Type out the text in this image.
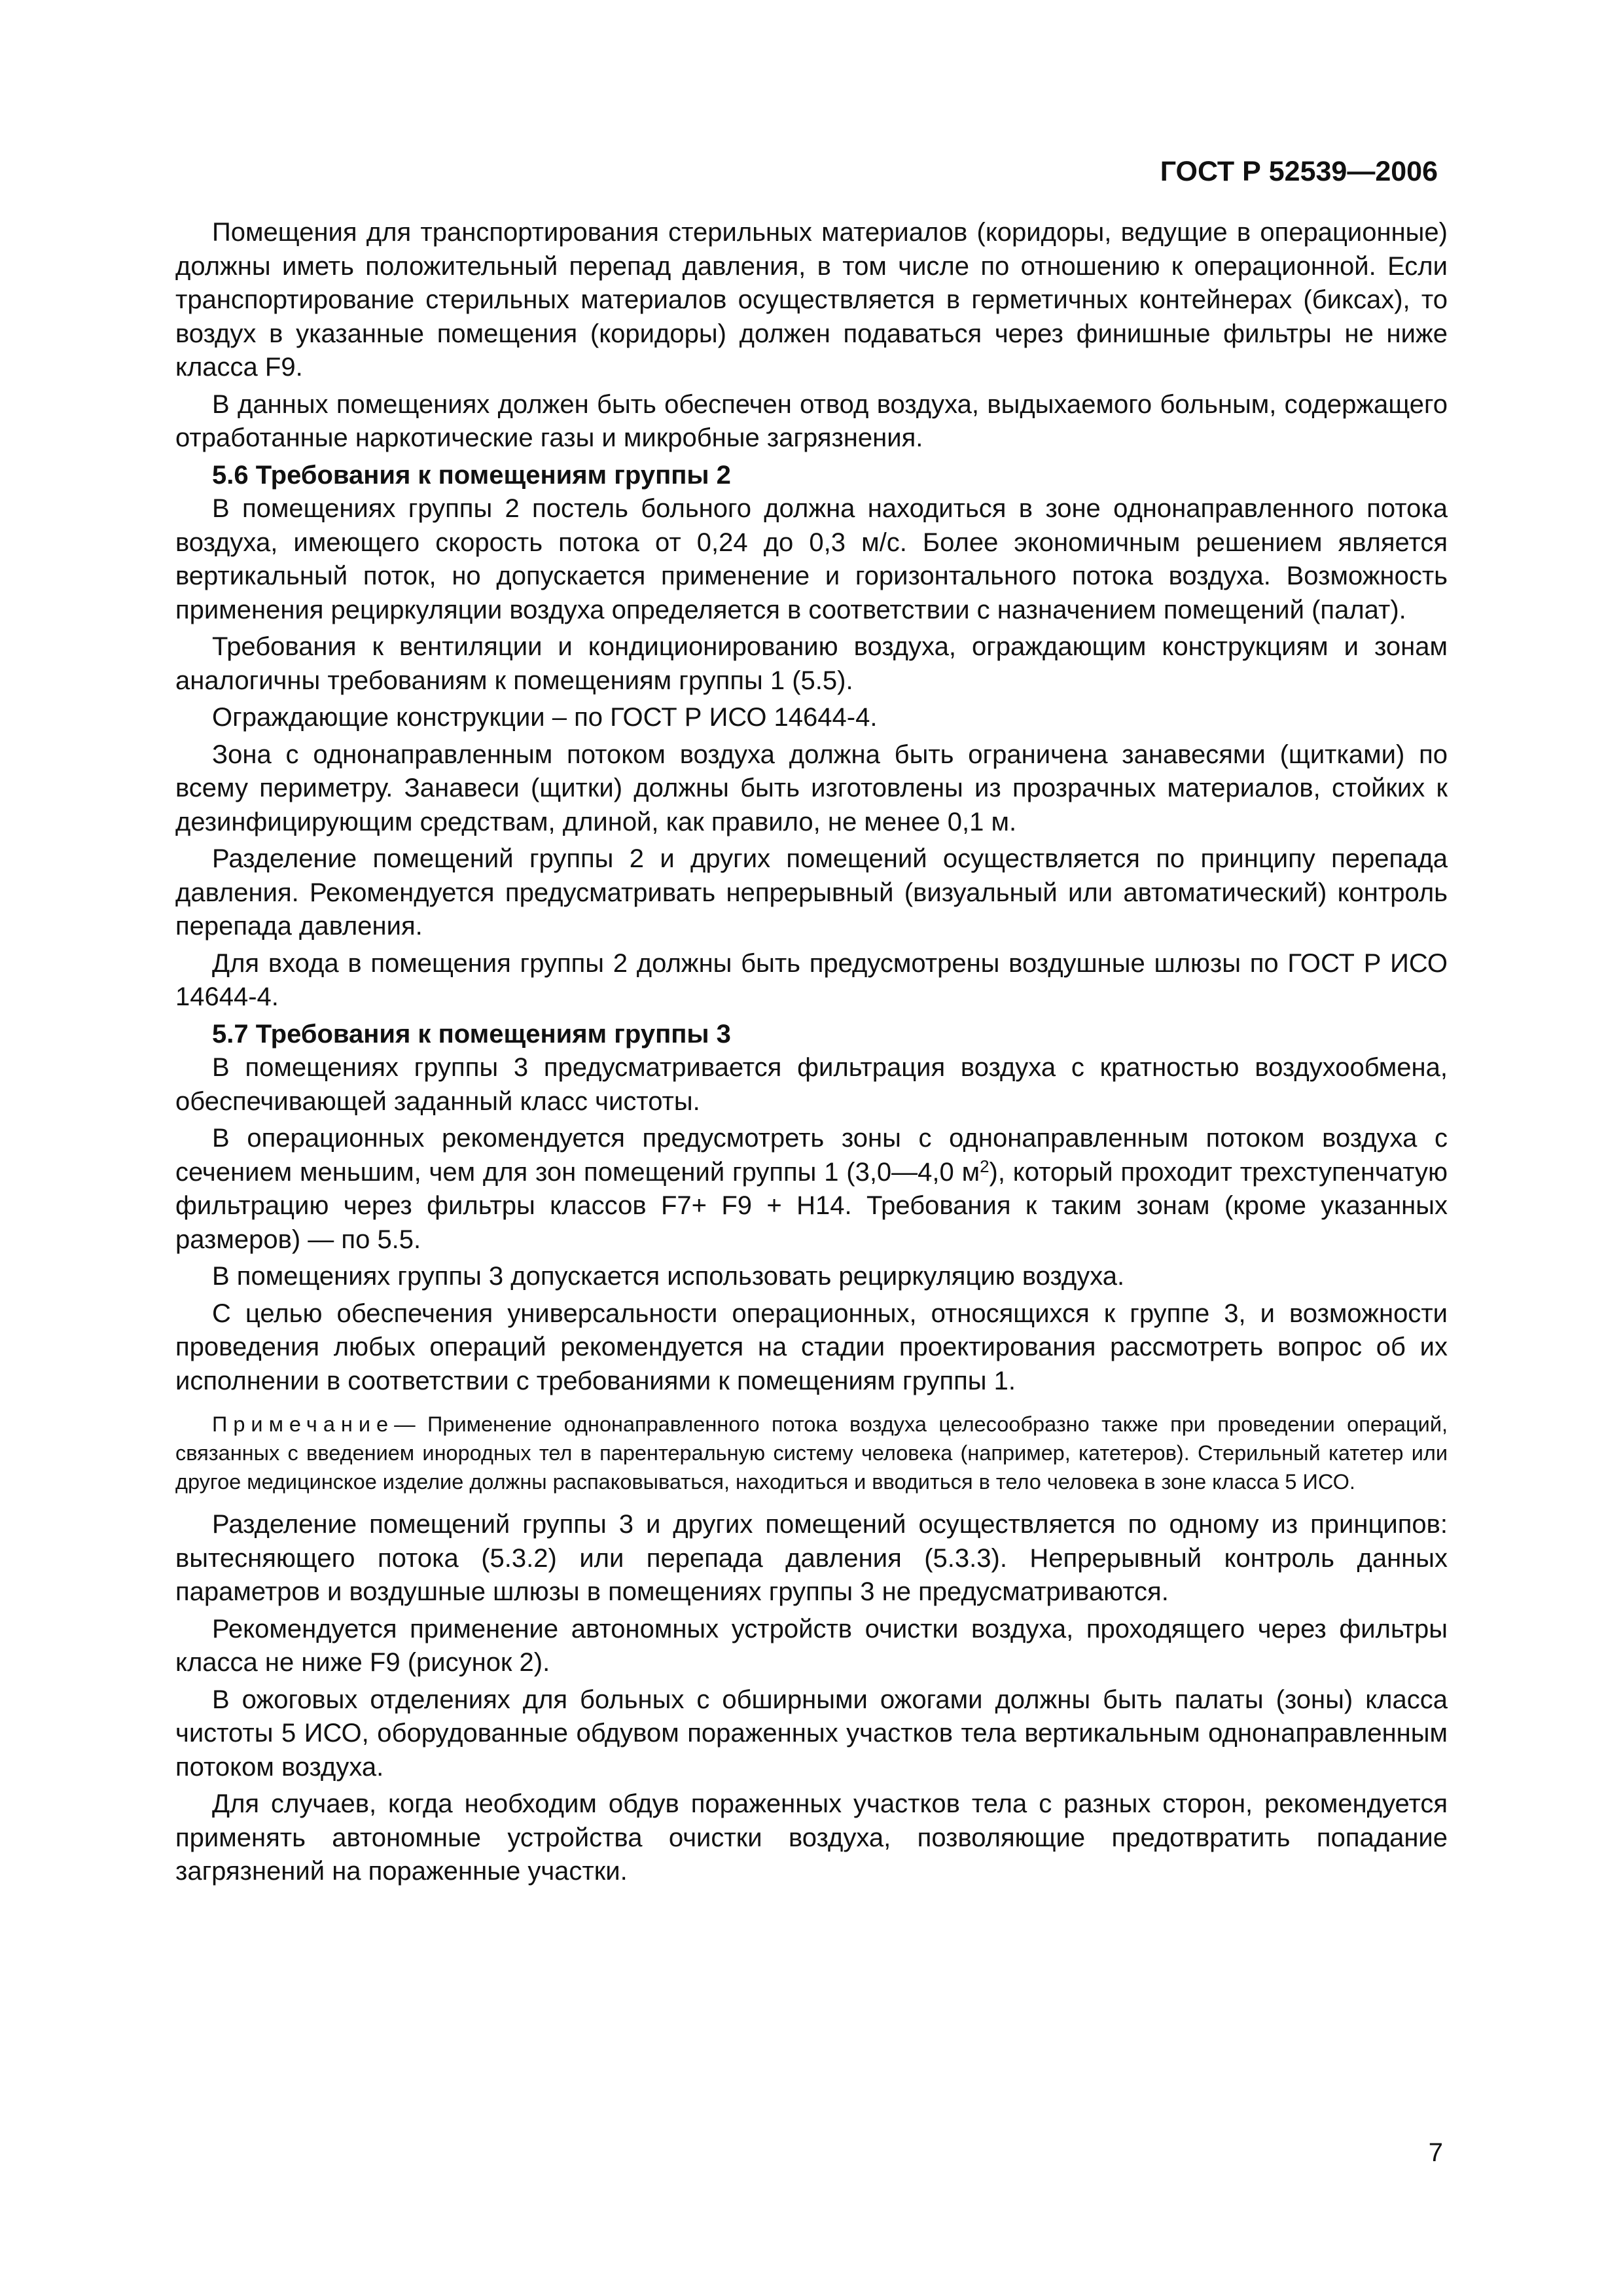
ГОСТ Р 52539—2006

Помещения для транспортирования стерильных материалов (коридоры, ведущие в операционные) должны иметь положительный перепад давления, в том числе по отношению к операционной. Если транспортирование стерильных материалов осуществляется в герметичных контейнерах (биксах), то воздух в указанные помещения (коридоры) должен подаваться через финишные фильтры не ниже класса F9.

В данных помещениях должен быть обеспечен отвод воздуха, выдыхаемого больным, содержащего отработанные наркотические газы и микробные загрязнения.

5.6 Требования к помещениям группы 2

В помещениях группы 2 постель больного должна находиться в зоне однонаправленного потока воздуха, имеющего скорость потока от 0,24 до 0,3 м/с. Более экономичным решением является вертикальный поток, но допускается применение и горизонтального потока воздуха. Возможность применения рециркуляции воздуха определяется в соответствии с назначением помещений (палат).

Требования к вентиляции и кондиционированию воздуха, ограждающим конструкциям и зонам аналогичны требованиям к помещениям группы 1 (5.5).

Ограждающие конструкции – по ГОСТ Р ИСО 14644-4.

Зона с однонаправленным потоком воздуха должна быть ограничена занавесями (щитками) по всему периметру. Занавеси (щитки) должны быть изготовлены из прозрачных материалов, стойких к дезинфицирующим средствам, длиной, как правило, не менее 0,1 м.

Разделение помещений группы 2 и других помещений осуществляется по принципу перепада давления. Рекомендуется предусматривать непрерывный (визуальный или автоматический) контроль перепада давления.

Для входа в помещения группы 2 должны быть предусмотрены воздушные шлюзы по ГОСТ Р ИСО 14644-4.

5.7 Требования к помещениям группы 3

В помещениях группы 3 предусматривается фильтрация воздуха с кратностью воздухообмена, обеспечивающей заданный класс чистоты.

В операционных рекомендуется предусмотреть зоны с однонаправленным потоком воздуха с сечением меньшим, чем для зон помещений группы 1 (3,0—4,0 $м^2$), который проходит трехступенчатую фильтрацию через фильтры классов F7+ F9 + H14. Требования к таким зонам (кроме указанных размеров) — по 5.5.

В помещениях группы 3 допускается использовать рециркуляцию воздуха.

С целью обеспечения универсальности операционных, относящихся к группе 3, и возможности проведения любых операций рекомендуется на стадии проектирования рассмотреть вопрос об их исполнении в соответствии с требованиями к помещениям группы 1.

Примечание— Применение однонаправленного потока воздуха целесообразно также при проведении операций, связанных с введением инородных тел в парентеральную систему человека (например, катетеров). Стерильный катетер или другое медицинское изделие должны распаковываться, находиться и вводиться в тело человека в зоне класса 5 ИСО.

Разделение помещений группы 3 и других помещений осуществляется по одному из принципов: вытесняющего потока (5.3.2) или перепада давления (5.3.3). Непрерывный контроль данных параметров и воздушные шлюзы в помещениях группы 3 не предусматриваются.

Рекомендуется применение автономных устройств очистки воздуха, проходящего через фильтры класса не ниже F9 (рисунок 2).

В ожоговых отделениях для больных с обширными ожогами должны быть палаты (зоны) класса чистоты 5 ИСО, оборудованные обдувом пораженных участков тела вертикальным однонаправленным потоком воздуха.

Для случаев, когда необходим обдув пораженных участков тела с разных сторон, рекомендуется применять автономные устройства очистки воздуха, позволяющие предотвратить попадание загрязнений на пораженные участки.

7
